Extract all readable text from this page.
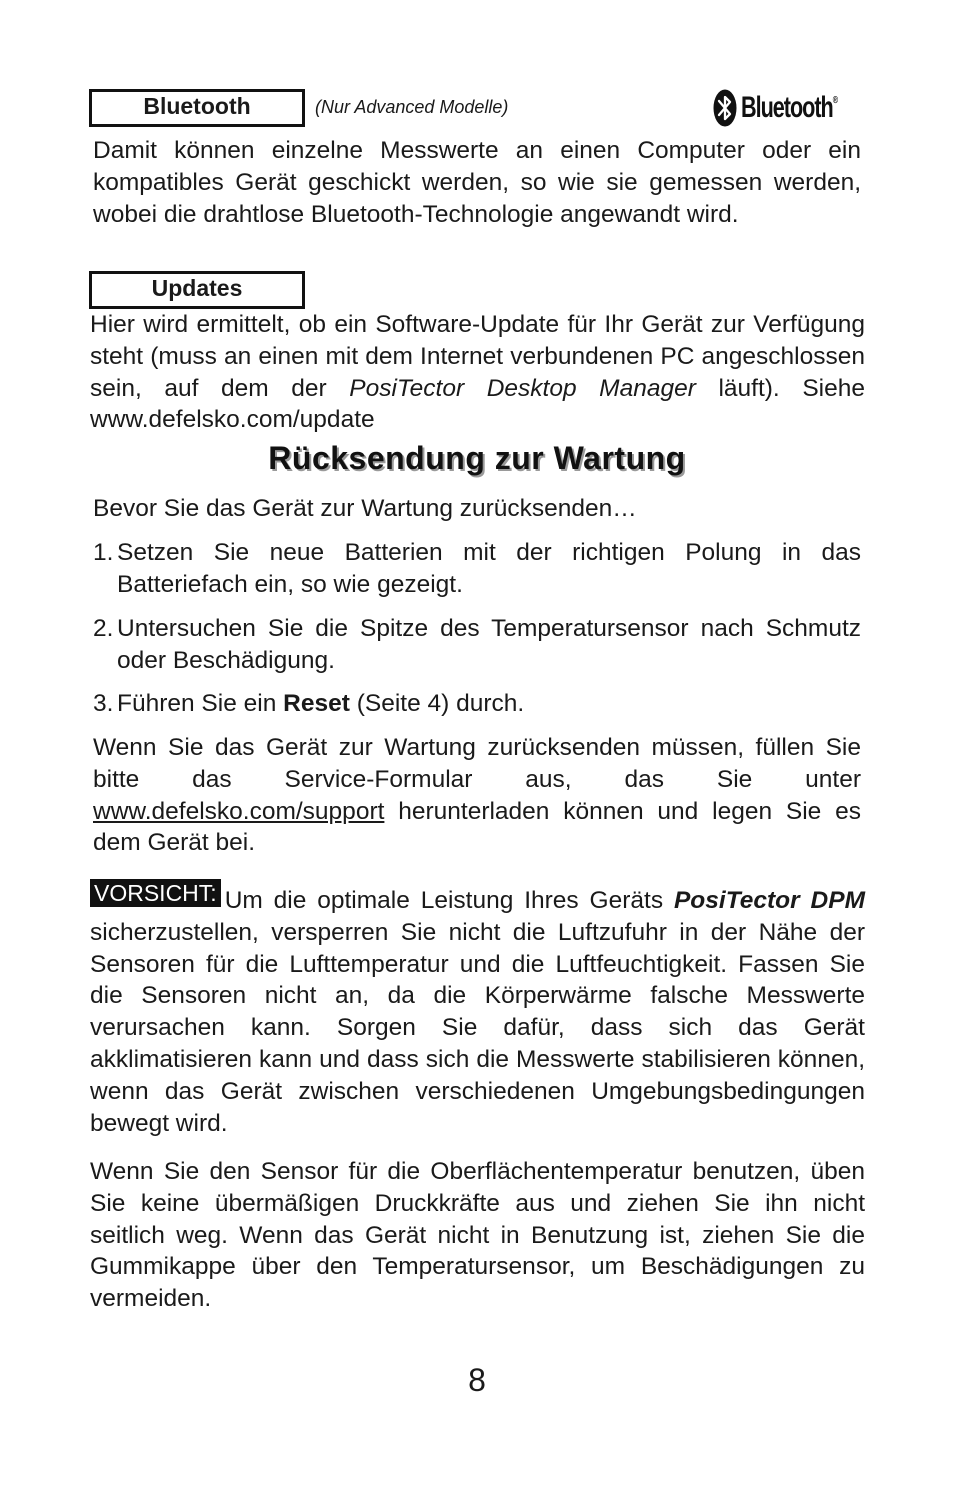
Bluetooth	(Nur Advanced Modelle)	Bluetooth®

Damit können einzelne Messwerte an einen Computer oder ein kompatibles Gerät geschickt werden, so wie sie gemessen werden, wobei die drahtlose Bluetooth-Technologie angewandt wird.

Updates

Hier wird ermittelt, ob ein Software-Update für Ihr Gerät zur Verfügung steht (muss an einen mit dem Internet verbundenen PC angeschlossen sein, auf dem der PosiTector Desktop Manager läuft). Siehe www.defelsko.com/update

Rücksendung zur Wartung

Bevor Sie das Gerät zur Wartung zurücksenden…

1. Setzen Sie neue Batterien mit der richtigen Polung in das Batteriefach ein, so wie gezeigt.
2. Untersuchen Sie die Spitze des Temperatursensor nach Schmutz oder Beschädigung.
3. Führen Sie ein Reset (Seite 4) durch.

Wenn Sie das Gerät zur Wartung zurücksenden müssen, füllen Sie bitte das Service-Formular aus, das Sie unter www.defelsko.com/support herunterladen können und legen Sie es dem Gerät bei.

VORSICHT: Um die optimale Leistung Ihres Geräts PosiTector DPM sicherzustellen, versperren Sie nicht die Luftzufuhr in der Nähe der Sensoren für die Lufttemperatur und die Luftfeuchtigkeit. Fassen Sie die Sensoren nicht an, da die Körperwärme falsche Messwerte verursachen kann. Sorgen Sie dafür, dass sich das Gerät akklimatisieren kann und dass sich die Messwerte stabilisieren können, wenn das Gerät zwischen verschiedenen Umgebungsbedingungen bewegt wird.

Wenn Sie den Sensor für die Oberflächentemperatur benutzen, üben Sie keine übermäßigen Druckkräfte aus und ziehen Sie ihn nicht seitlich weg. Wenn das Gerät nicht in Benutzung ist, ziehen Sie die Gummikappe über den Temperatursensor, um Beschädigungen zu vermeiden.

8
